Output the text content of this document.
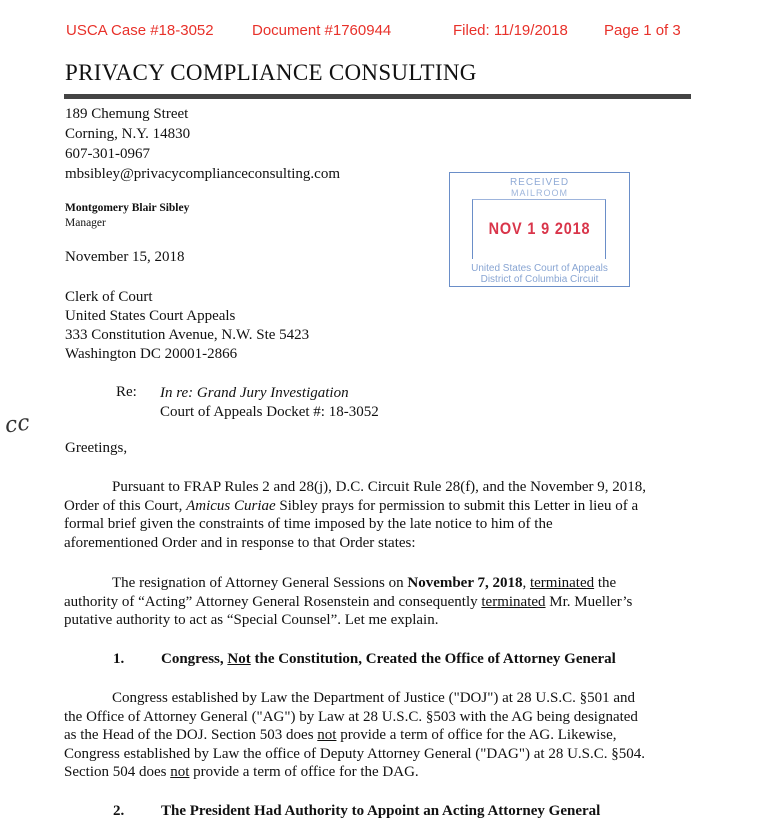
USCA Case #18-3052	Document #1760944	Filed: 11/19/2018 Page 1 of 3
PRIVACY COMPLIANCE CONSULTING
189 Chemung Street
Corning, N.Y. 14830
607-301-0967
mbsibley@privacycomplianceconsulting.com
Montgomery Blair Sibley
Manager
November 15, 2018
Clerk of Court
United States Court Appeals
333 Constitution Avenue, N.W. Ste 5423
Washington DC 20001-2866
RECEIVED
MAILROOM
NOV 1 9 2018
United States Court of Appeals
District of Columbia Circuit
Re: In re: Grand Jury Investigation
Court of Appeals Docket #: 18-3052
cc
Greetings,
Pursuant to FRAP Rules 2 and 28(j), D.C. Circuit Rule 28(f), and the November 9, 2018,
Order of this Court, Amicus Curiae Sibley prays for permission to submit this Letter in lieu of a
formal brief given the constraints of time imposed by the late notice to him of the
aforementioned Order and in response to that Order states:
The resignation of Attorney General Sessions on November 7, 2018, terminated the
authority of “Acting” Attorney General Rosenstein and consequently terminated Mr. Mueller’s
putative authority to act as “Special Counsel”. Let me explain.
1. Congress, Not the Constitution, Created the Office of Attorney General
Congress established by Law the Department of Justice ("DOJ") at 28 U.S.C. §501 and
the Office of Attorney General ("AG") by Law at 28 U.S.C. §503 with the AG being designated
as the Head of the DOJ. Section 503 does not provide a term of office for the AG. Likewise,
Congress established by Law the office of Deputy Attorney General ("DAG") at 28 U.S.C. §504.
Section 504 does not provide a term of office for the DAG.
2. The President Had Authority to Appoint an Acting Attorney General
